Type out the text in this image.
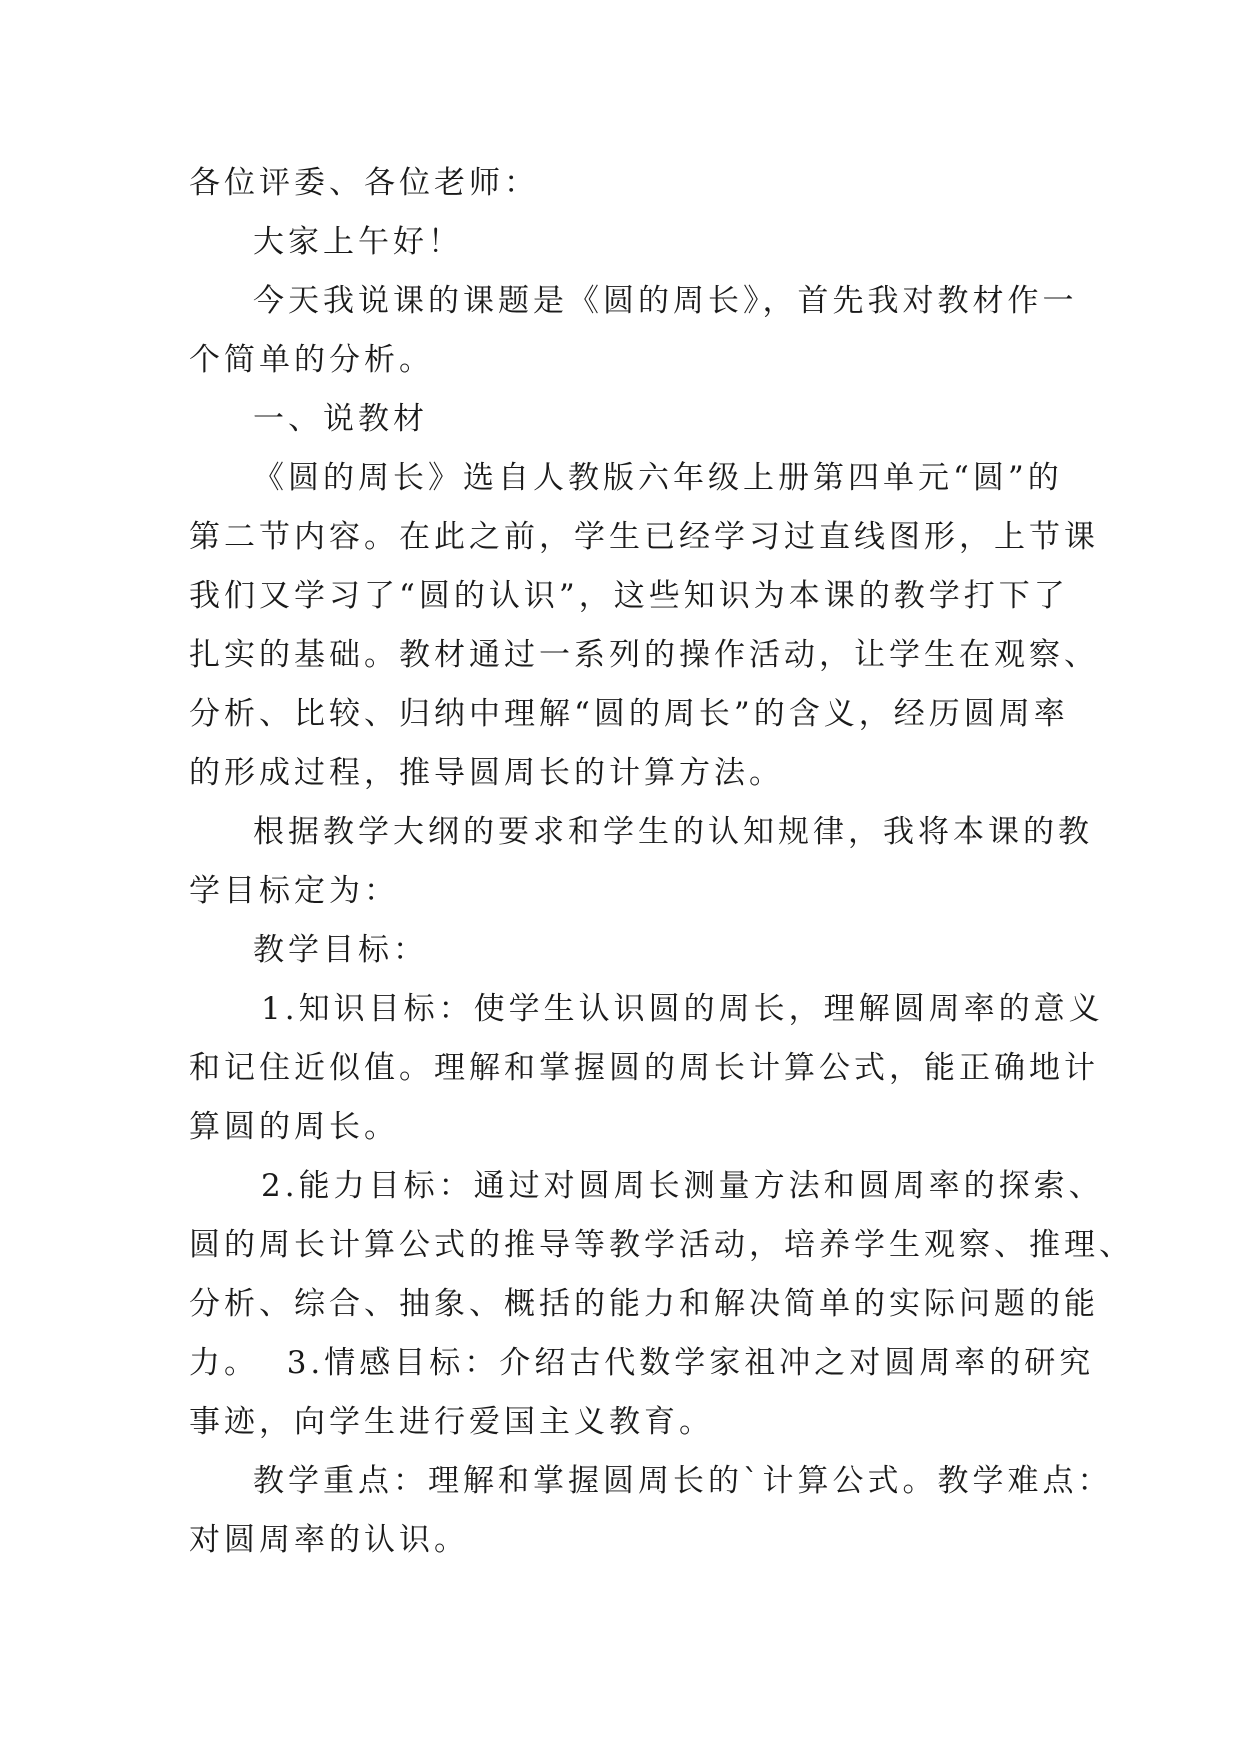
各位评委、各位老师：
大家上午好！
今天我说课的课题是《圆的周长》，首先我对教材作一
个简单的分析。
一、说教材
《圆的周长》选自人教版六年级上册第四单元“圆”的
第二节内容。在此之前，学生已经学习过直线图形，上节课
我们又学习了“圆的认识”，这些知识为本课的教学打下了
扎实的基础。教材通过一系列的操作活动，让学生在观察、
分析、比较、归纳中理解“圆的周长”的含义，经历圆周率
的形成过程，推导圆周长的计算方法。
根据教学大纲的要求和学生的认知规律，我将本课的教
学目标定为：
教学目标：
1.知识目标：使学生认识圆的周长，理解圆周率的意义
和记住近似值。理解和掌握圆的周长计算公式，能正确地计
算圆的周长。
2.能力目标：通过对圆周长测量方法和圆周率的探索、
圆的周长计算公式的推导等教学活动，培养学生观察、推理、
分析、综合、抽象、概括的能力和解决简单的实际问题的能
力。  3.情感目标：介绍古代数学家祖冲之对圆周率的研究
事迹，向学生进行爱国主义教育。
教学重点：理解和掌握圆周长的`计算公式。教学难点：
对圆周率的认识。
